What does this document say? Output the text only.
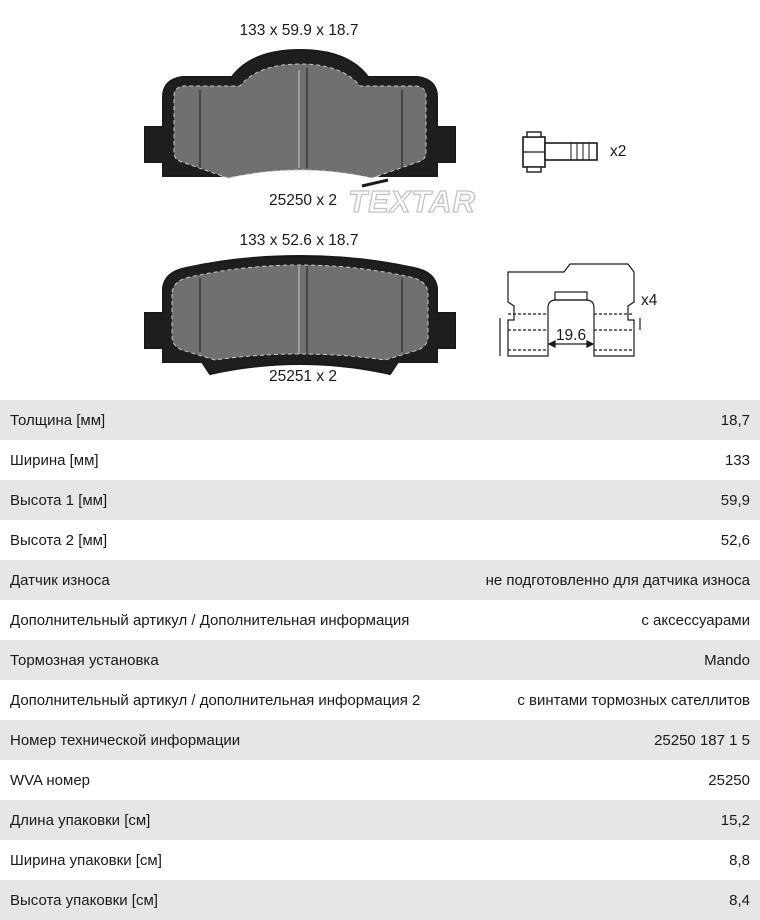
133 x 59.9 x 18.7
TEXTAR
25250 x 2
x2
133 x 52.6 x 18.7
25251 x 2
19.6
x4
Толщина [мм]	18,7
Ширина [мм]	133
Высота 1 [мм]	59,9
Высота 2 [мм]	52,6
Датчик износа	не подготовленно для датчика износа
Дополнительный артикул / Дополнительная информация	с аксессуарами
Тормозная установка	Mando
Дополнительный артикул / дополнительная информация 2	с винтами тормозных сателлитов
Номер технической информации	25250 187 1 5
WVA номер	25250
Длина упаковки [см]	15,2
Ширина упаковки [см]	8,8
Высота упаковки [см]	8,4
